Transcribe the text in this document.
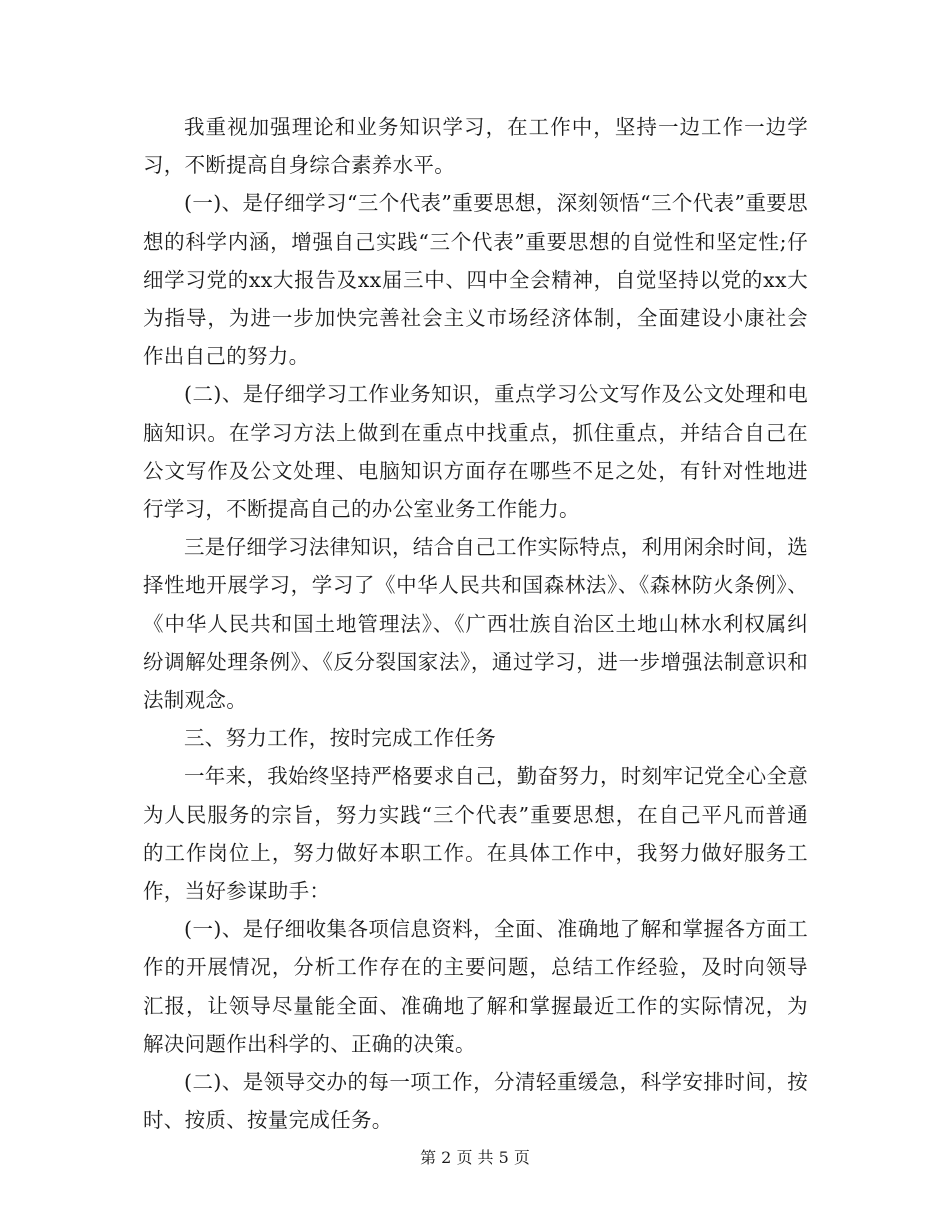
我重视加强理论和业务知识学习，在工作中，坚持一边工作一边学习，不断提高自身综合素养水平。

(一)、是仔细学习“三个代表”重要思想，深刻领悟“三个代表”重要思想的科学内涵，增强自己实践“三个代表”重要思想的自觉性和坚定性;仔细学习党的xx大报告及xx届三中、四中全会精神，自觉坚持以党的xx大为指导，为进一步加快完善社会主义市场经济体制，全面建设小康社会作出自己的努力。

(二)、是仔细学习工作业务知识，重点学习公文写作及公文处理和电脑知识。在学习方法上做到在重点中找重点，抓住重点，并结合自己在公文写作及公文处理、电脑知识方面存在哪些不足之处，有针对性地进行学习，不断提高自己的办公室业务工作能力。

三是仔细学习法律知识，结合自己工作实际特点，利用闲余时间，选择性地开展学习，学习了《中华人民共和国森林法》、《森林防火条例》、《中华人民共和国土地管理法》、《广西壮族自治区土地山林水利权属纠纷调解处理条例》、《反分裂国家法》，通过学习，进一步增强法制意识和法制观念。

三、努力工作，按时完成工作任务

一年来，我始终坚持严格要求自己，勤奋努力，时刻牢记党全心全意为人民服务的宗旨，努力实践“三个代表”重要思想，在自己平凡而普通的工作岗位上，努力做好本职工作。在具体工作中，我努力做好服务工作，当好参谋助手：

(一)、是仔细收集各项信息资料，全面、准确地了解和掌握各方面工作的开展情况，分析工作存在的主要问题，总结工作经验，及时向领导汇报，让领导尽量能全面、准确地了解和掌握最近工作的实际情况，为解决问题作出科学的、正确的决策。

(二)、是领导交办的每一项工作，分清轻重缓急，科学安排时间，按时、按质、按量完成任务。

第 2 页 共 5 页
